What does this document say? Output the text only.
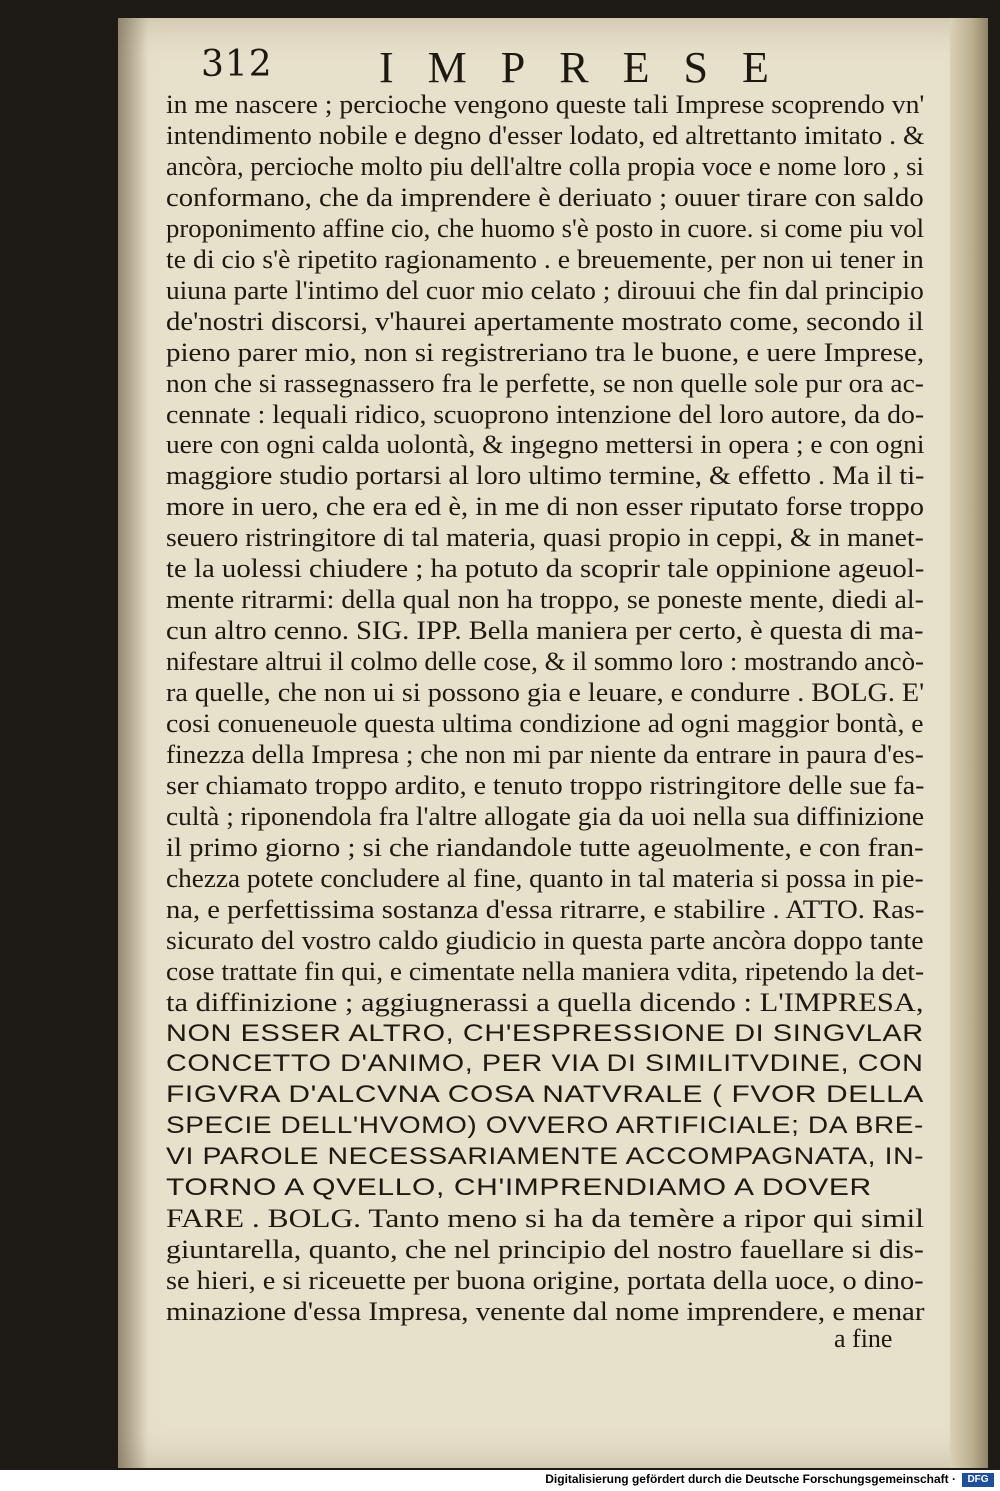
312 IMPRESE
in me nascere ; percioche vengono queste tali Imprese scoprendo vn'
intendimento nobile e degno d'esser lodato, ed altrettanto imitato . &
ancòra, percioche molto piu dell'altre colla propia voce e nome loro , si
conformano, che da imprendere è deriuato ; ouuer tirare con saldo
proponimento affine cio, che huomo s'è posto in cuore. si come piu vol
te di cio s'è ripetito ragionamento . e breuemente, per non ui tener in
uiuna parte l'intimo del cuor mio celato ; dirouui che fin dal principio
de'nostri discorsi, v'haurei apertamente mostrato come, secondo il
pieno parer mio, non si registreriano tra le buone, e uere Imprese,
non che si rassegnassero fra le perfette, se non quelle sole pur ora ac-
cennate : lequali ridico, scuoprono intenzione del loro autore, da do-
uere con ogni calda uolontà, & ingegno mettersi in opera ; e con ogni
maggiore studio portarsi al loro ultimo termine, & effetto . Ma il ti-
more in uero, che era ed è, in me di non esser riputato forse troppo
seuero ristringitore di tal materia, quasi propio in ceppi, & in manet-
te la uolessi chiudere ; ha potuto da scoprir tale oppinione ageuol-
mente ritrarmi: della qual non ha troppo, se poneste mente, diedi al-
cun altro cenno. SIG. IPP. Bella maniera per certo, è questa di ma-
nifestare altrui il colmo delle cose, & il sommo loro : mostrando ancò-
ra quelle, che non ui si possono gia e leuare, e condurre . BOLG. E'
cosi conueneuole questa ultima condizione ad ogni maggior bontà, e
finezza della Impresa ; che non mi par niente da entrare in paura d'es-
ser chiamato troppo ardito, e tenuto troppo ristringitore delle sue fa-
cultà ; riponendola fra l'altre allogate gia da uoi nella sua diffinizione
il primo giorno ; si che riandandole tutte ageuolmente, e con fran-
chezza potete concludere al fine, quanto in tal materia si possa in pie-
na, e perfettissima sostanza d'essa ritrarre, e stabilire . ATTO. Ras-
sicurato del vostro caldo giudicio in questa parte ancòra doppo tante
cose trattate fin qui, e cimentate nella maniera vdita, ripetendo la det-
ta diffinizione ; aggiugnerassi a quella dicendo : L'IMPRESA,
NON ESSER ALTRO, CH'ESPRESSIONE DI SINGVLAR
CONCETTO D'ANIMO, PER VIA DI SIMILITVDINE, CON
FIGVRA D'ALCVNA COSA NATVRALE ( FVOR DELLA
SPECIE DELL'HVOMO) OVVERO ARTIFICIALE; DA BRE-
VI PAROLE NECESSARIAMENTE ACCOMPAGNATA, IN-
TORNO A QVELLO, CH'IMPRENDIAMO A DOVER
FARE . BOLG. Tanto meno si ha da temère a ripor qui simil
giuntarella, quanto, che nel principio del nostro fauellare si dis-
se hieri, e si riceuette per buona origine, portata della uoce, o dino-
minazione d'essa Impresa, venente dal nome imprendere, e menar
a fine
Digitalisierung gefördert durch die Deutsche Forschungsgemeinschaft ·	DFG
